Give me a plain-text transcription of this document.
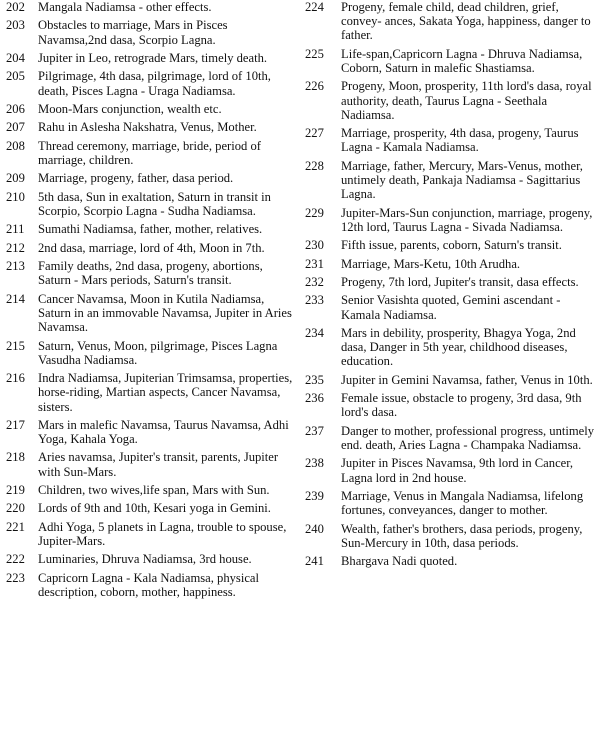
202	Mangala Nadiamsa - other effects.
203	Obstacles to marriage, Mars in Pisces Navamsa,2nd dasa, Scorpio Lagna.
204	Jupiter in Leo, retrograde Mars, timely death.
205	Pilgrimage, 4th dasa, pilgrimage, lord of 10th, death, Pisces Lagna - Uraga Nadiamsa.
206	Moon-Mars conjunction, wealth etc.
207	Rahu in Aslesha Nakshatra, Venus, Mother.
208	Thread ceremony, marriage, bride, period of marriage, children.
209	Marriage, progeny, father, dasa period.
210	5th dasa, Sun in exaltation, Saturn in transit in Scorpio, Scorpio Lagna - Sudha Nadiamsa.
211	Sumathi Nadiamsa, father, mother, relatives.
212	2nd dasa, marriage, lord of 4th, Moon in 7th.
213	Family deaths, 2nd dasa, progeny, abortions, Saturn - Mars periods, Saturn's transit.
214	Cancer Navamsa, Moon in Kutila Nadiamsa, Saturn in an immovable Navamsa, Jupiter in Aries Navamsa.
215	Saturn, Venus, Moon, pilgrimage, Pisces Lagna Vasudha Nadiamsa.
216	Indra Nadiamsa, Jupiterian Trimsamsa, properties, horse-riding, Martian aspects, Cancer Navamsa, sisters.
217	Mars in malefic Navamsa, Taurus Navamsa, Adhi Yoga, Kahala Yoga.
218	Aries navamsa, Jupiter's transit, parents, Jupiter with Sun-Mars.
219	Children, two wives,life span, Mars with Sun.
220	Lords of 9th and 10th, Kesari yoga in Gemini.
221	Adhi Yoga, 5 planets in Lagna, trouble to spouse, Jupiter-Mars.
222	Luminaries, Dhruva Nadiamsa, 3rd house.
223	Capricorn Lagna - Kala Nadiamsa, physical description, coborn, mother, happiness.
224	Progeny, female child, dead children, grief, convey- ances, Sakata Yoga, happiness, danger to father.
225	Life-span,Capricorn Lagna - Dhruva Nadiamsa, Coborn, Saturn in malefic Shastiamsa.
226	Progeny, Moon, prosperity, 11th lord's dasa, royal authority, death, Taurus Lagna - Seethala Nadiamsa.
227	Marriage, prosperity, 4th dasa, progeny, Taurus Lagna - Kamala Nadiamsa.
228	Marriage, father, Mercury, Mars-Venus, mother, untimely death, Pankaja Nadiamsa - Sagittarius Lagna.
229	Jupiter-Mars-Sun conjunction, marriage, progeny, 12th lord, Taurus Lagna - Sivada Nadiamsa.
230	Fifth issue, parents, coborn, Saturn's transit.
231	Marriage, Mars-Ketu, 10th Arudha.
232	Progeny, 7th lord, Jupiter's transit, dasa effects.
233	Senior Vasishta quoted, Gemini ascendant - Kamala Nadiamsa.
234	Mars in debility, prosperity, Bhagya Yoga, 2nd dasa, Danger in 5th year, childhood diseases, education.
235	Jupiter in Gemini Navamsa, father, Venus in 10th.
236	Female issue, obstacle to progeny, 3rd dasa, 9th lord's dasa.
237	Danger to mother, professional progress, untimely end. death, Aries Lagna - Champaka Nadiamsa.
238	Jupiter in Pisces Navamsa, 9th lord in Cancer, Lagna lord in 2nd house.
239	Marriage, Venus in Mangala Nadiamsa, lifelong fortunes, conveyances, danger to mother.
240	Wealth, father's brothers, dasa periods, progeny, Sun-Mercury in 10th, dasa periods.
241	Bhargava Nadi quoted.
